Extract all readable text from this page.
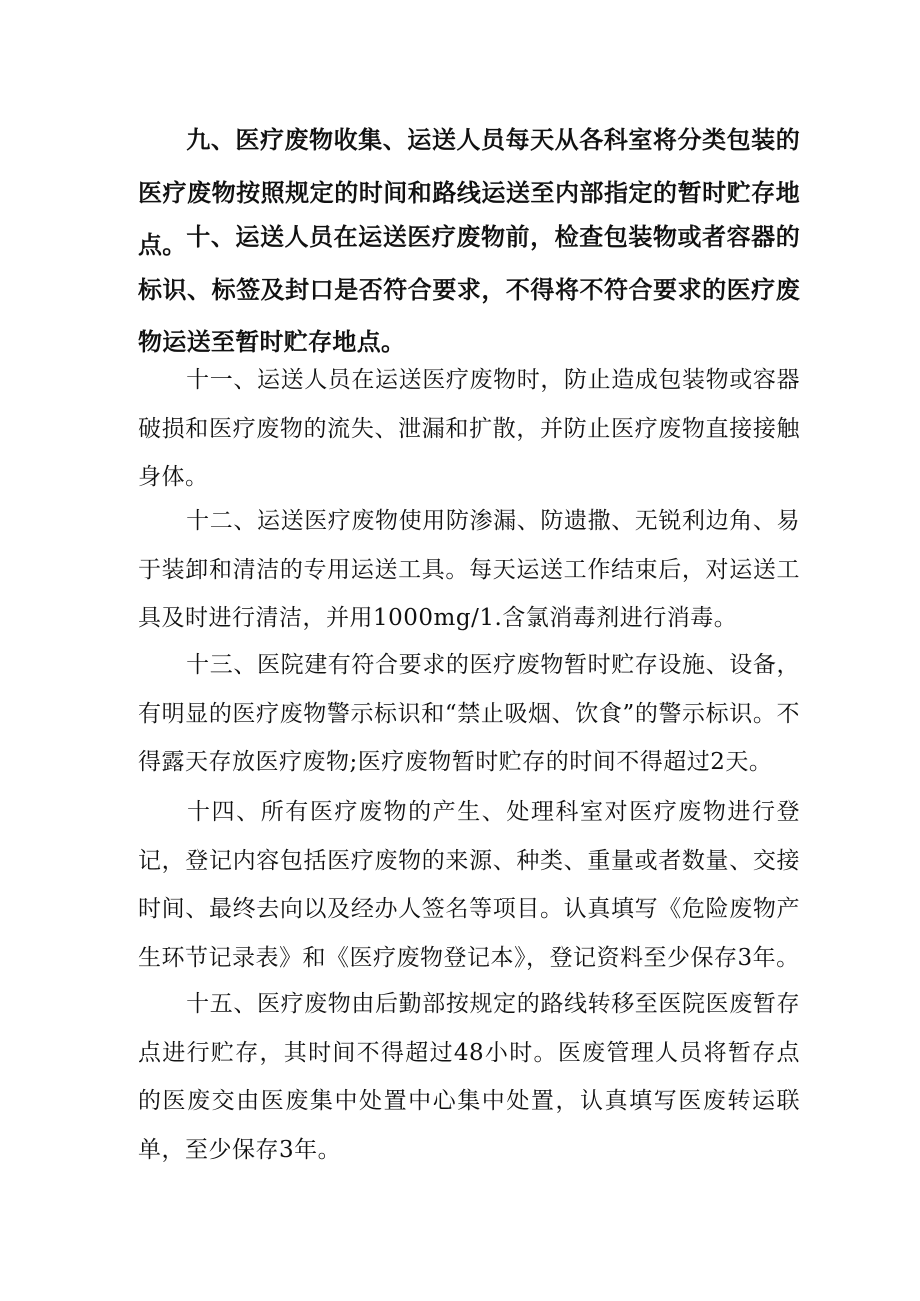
九、医疗废物收集、运送人员每天从各科室将分类包装的医疗废物按照规定的时间和路线运送至内部指定的暂时贮存地点。 十、运送人员在运送医疗废物前，检查包装物或者容器的标识、标签及封口是否符合要求，不得将不符合要求的医疗废物运送至暂时贮存地点。

十一、运送人员在运送医疗废物时，防止造成包装物或容器破损和医疗废物的流失、泄漏和扩散，并防止医疗废物直接接触身体。

十二、运送医疗废物使用防渗漏、防遗撒、无锐利边角、易于装卸和清洁的专用运送工具。每天运送工作结束后，对运送工具及时进行清洁，并用1000mg/1.含氯消毒剂进行消毒。

十三、医院建有符合要求的医疗废物暂时贮存设施、设备，有明显的医疗废物警示标识和“禁止吸烟、饮食”的警示标识。不得露天存放医疗废物;医疗废物暂时贮存的时间不得超过2天。

十四、所有医疗废物的产生、处理科室对医疗废物进行登记，登记内容包括医疗废物的来源、种类、重量或者数量、交接时间、最终去向以及经办人签名等项目。认真填写《危险废物产生环节记录表》和《医疗废物登记本》，登记资料至少保存3年。

十五、医疗废物由后勤部按规定的路线转移至医院医废暂存点进行贮存，其时间不得超过48小时。医废管理人员将暂存点的医废交由医废集中处置中心集中处置，认真填写医废转运联单，至少保存3年。
